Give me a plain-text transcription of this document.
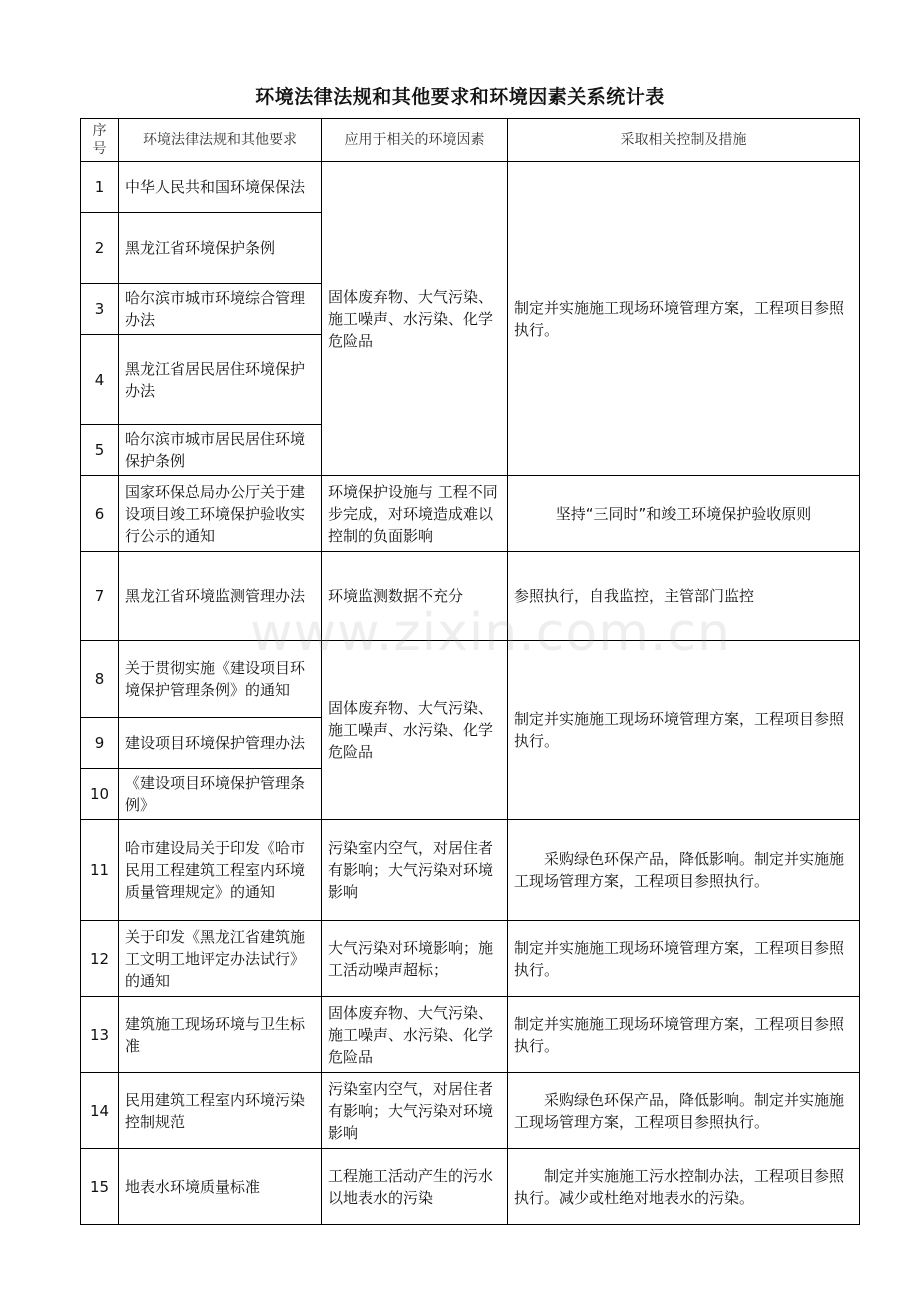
环境法律法规和其他要求和环境因素关系统计表
序号	环境法律法规和其他要求	应用于相关的环境因素	采取相关控制及措施
1	中华人民共和国环境保保法	固体废弃物、大气污染、施工噪声、水污染、化学危险品	制定并实施施工现场环境管理方案，工程项目参照执行。
2	黑龙江省环境保护条例		
3	哈尔滨市城市环境综合管理办法		
4	黑龙江省居民居住环境保护办法		
5	哈尔滨市城市居民居住环境保护条例		
6	国家环保总局办公厅关于建设项目竣工环境保护验收实行公示的通知	环境保护设施与 工程不同步完成，对环境造成难以控制的负面影响	坚持“三同时”和竣工环境保护验收原则
7	黑龙江省环境监测管理办法	环境监测数据不充分	参照执行，自我监控，主管部门监控
8	关于贯彻实施《建设项目环境保护管理条例》的通知	固体废弃物、大气污染、施工噪声、水污染、化学危险品	制定并实施施工现场环境管理方案，工程项目参照执行。
9	建设项目环境保护管理办法		
10	《建设项目环境保护管理条例》		
11	哈市建设局关于印发《哈市民用工程建筑工程室内环境质量管理规定》的通知	污染室内空气，对居住者有影响；大气污染对环境影响	采购绿色环保产品，降低影响。制定并实施施工现场管理方案，工程项目参照执行。
12	关于印发《黑龙江省建筑施工文明工地评定办法试行》的通知	大气污染对环境影响；施工活动噪声超标；	制定并实施施工现场环境管理方案，工程项目参照执行。
13	建筑施工现场环境与卫生标准	固体废弃物、大气污染、施工噪声、水污染、化学危险品	制定并实施施工现场环境管理方案，工程项目参照执行。
14	民用建筑工程室内环境污染控制规范	污染室内空气，对居住者有影响；大气污染对环境影响	采购绿色环保产品，降低影响。制定并实施施工现场管理方案，工程项目参照执行。
15	地表水环境质量标准	工程施工活动产生的污水以地表水的污染	制定并实施施工污水控制办法，工程项目参照执行。减少或杜绝对地表水的污染。
www.zixin.com.cn
